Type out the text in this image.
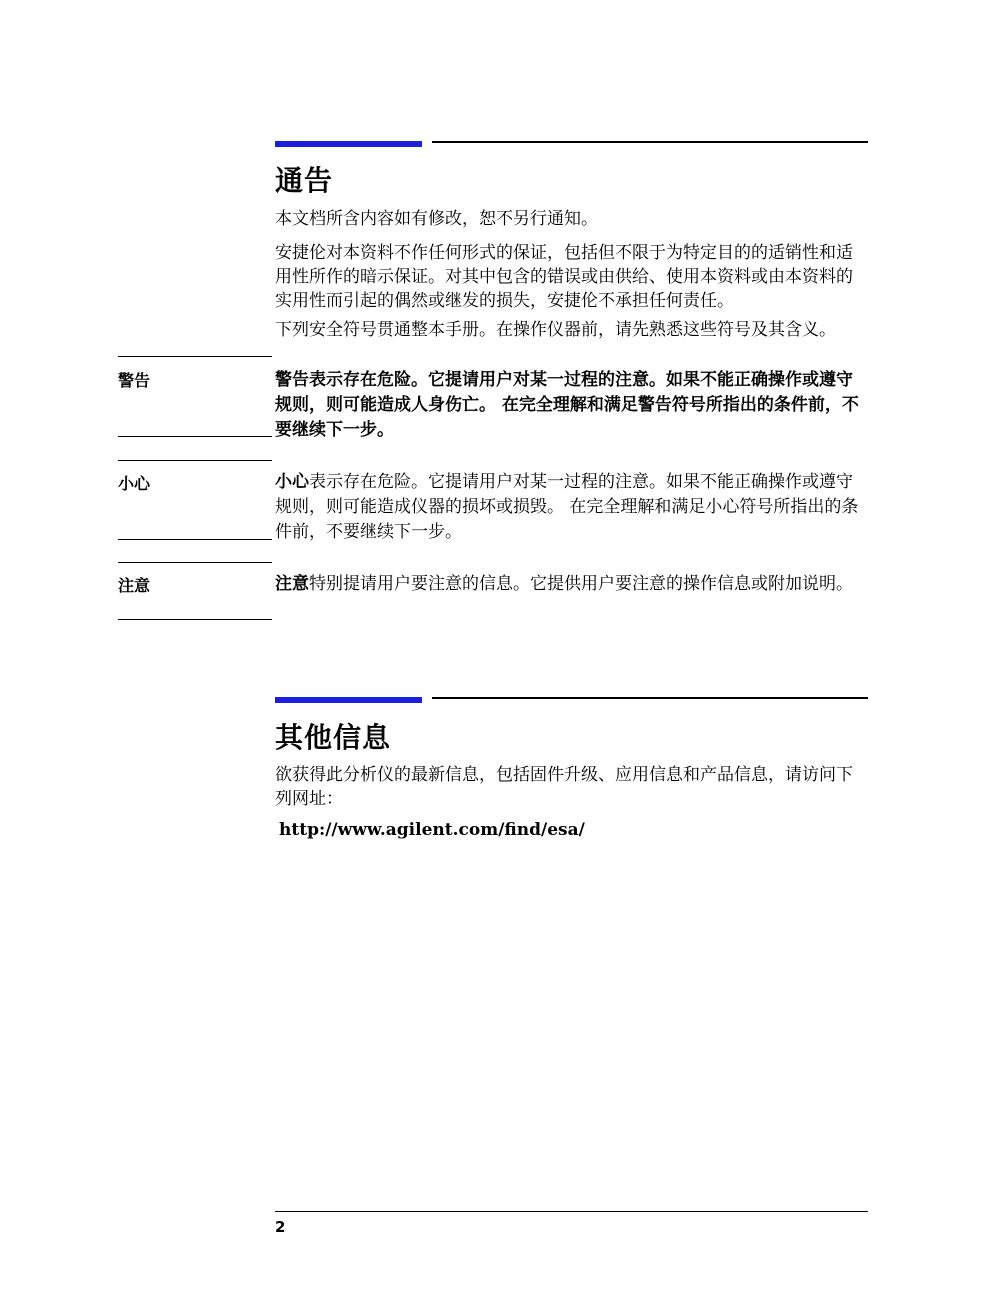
通告

本文档所含内容如有修改，恕不另行通知。

安捷伦对本资料不作任何形式的保证，包括但不限于为特定目的的适销性和适用性所作的暗示保证。对其中包含的错误或由供给、使用本资料或由本资料的实用性而引起的偶然或继发的损失，安捷伦不承担任何责任。

下列安全符号贯通整本手册。在操作仪器前，请先熟悉这些符号及其含义。

警告	警告表示存在危险。它提请用户对某一过程的注意。如果不能正确操作或遵守规则，则可能造成人身伤亡。 在完全理解和满足警告符号所指出的条件前，不要继续下一步。

小心	小心表示存在危险。它提请用户对某一过程的注意。如果不能正确操作或遵守规则，则可能造成仪器的损坏或损毁。 在完全理解和满足小心符号所指出的条件前，不要继续下一步。

注意	注意特别提请用户要注意的信息。它提供用户要注意的操作信息或附加说明。

其他信息

欲获得此分析仪的最新信息，包括固件升级、应用信息和产品信息，请访问下列网址：

http://www.agilent.com/find/esa/

2
